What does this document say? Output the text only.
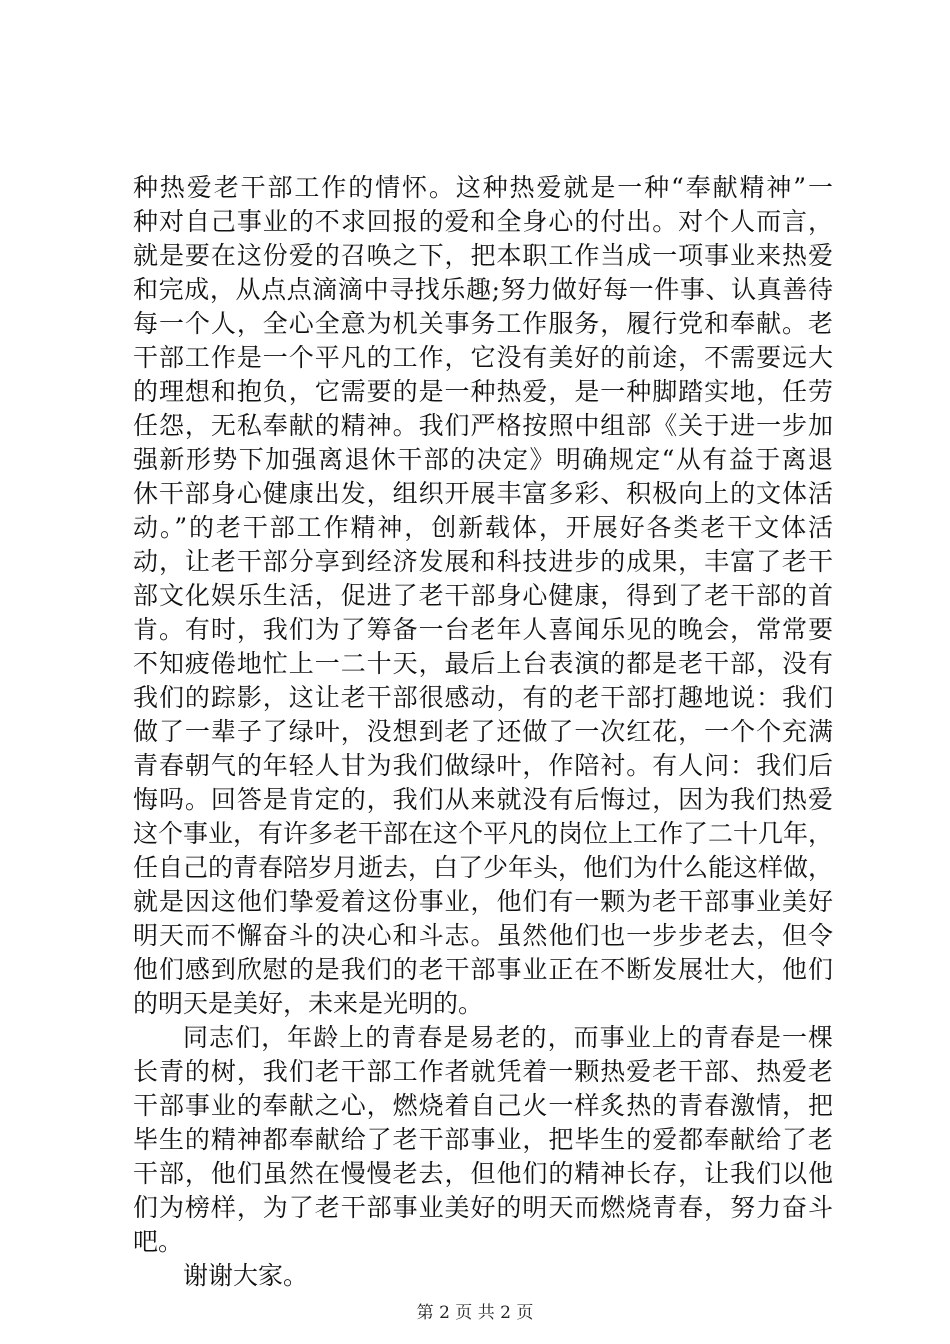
种热爱老干部工作的情怀。这种热爱就是一种“奉献精神”一
种对自己事业的不求回报的爱和全身心的付出。对个人而言，
就是要在这份爱的召唤之下，把本职工作当成一项事业来热爱
和完成，从点点滴滴中寻找乐趣;努力做好每一件事、认真善待
每一个人，全心全意为机关事务工作服务，履行党和奉献。老
干部工作是一个平凡的工作，它没有美好的前途，不需要远大
的理想和抱负，它需要的是一种热爱，是一种脚踏实地，任劳
任怨，无私奉献的精神。我们严格按照中组部《关于进一步加
强新形势下加强离退休干部的决定》明确规定“从有益于离退
休干部身心健康出发，组织开展丰富多彩、积极向上的文体活
动。”的老干部工作精神，创新载体，开展好各类老干文体活
动，让老干部分享到经济发展和科技进步的成果，丰富了老干
部文化娱乐生活，促进了老干部身心健康，得到了老干部的首
肯。有时，我们为了筹备一台老年人喜闻乐见的晚会，常常要
不知疲倦地忙上一二十天，最后上台表演的都是老干部，没有
我们的踪影，这让老干部很感动，有的老干部打趣地说：我们
做了一辈子了绿叶，没想到老了还做了一次红花，一个个充满
青春朝气的年轻人甘为我们做绿叶，作陪衬。有人问：我们后
悔吗。回答是肯定的，我们从来就没有后悔过，因为我们热爱
这个事业，有许多老干部在这个平凡的岗位上工作了二十几年，
任自己的青春陪岁月逝去，白了少年头，他们为什么能这样做，
就是因这他们挚爱着这份事业，他们有一颗为老干部事业美好
明天而不懈奋斗的决心和斗志。虽然他们也一步步老去，但令
他们感到欣慰的是我们的老干部事业正在不断发展壮大，他们
的明天是美好，未来是光明的。
同志们，年龄上的青春是易老的，而事业上的青春是一棵
长青的树，我们老干部工作者就凭着一颗热爱老干部、热爱老
干部事业的奉献之心，燃烧着自己火一样炙热的青春激情，把
毕生的精神都奉献给了老干部事业，把毕生的爱都奉献给了老
干部，他们虽然在慢慢老去，但他们的精神长存，让我们以他
们为榜样，为了老干部事业美好的明天而燃烧青春，努力奋斗
吧。
谢谢大家。
第 2 页 共 2 页
